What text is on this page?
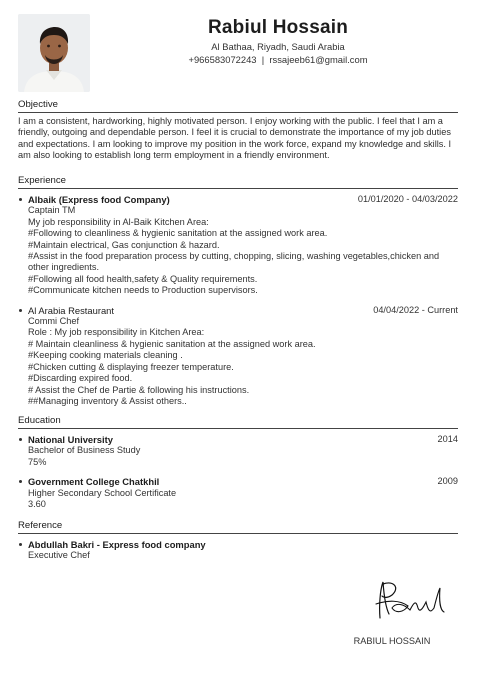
Rabiul Hossain
Al Bathaa, Riyadh, Saudi Arabia
+966583072243 | rssajeeb61@gmail.com
Objective
I am a consistent, hardworking, highly motivated person. I enjoy working with the public. I feel that I am a friendly, outgoing and dependable person. I feel it is crucial to demonstrate the importance of my job duties and expectations. I am looking to improve my position in the work force, expand my knowledge and skills. I am also looking to establish long term employment in a friendly environment.
Experience
Albaik (Express food Company)	01/01/2020 - 04/03/2022
Captain TM
My job responsibility in Al-Baik Kitchen Area:
#Following to cleanliness & hygienic sanitation at the assigned work area.
#Maintain electrical, Gas conjunction & hazard.
#Assist in the food preparation process by cutting, chopping, slicing, washing vegetables,chicken and other ingredients.
#Following all food health,safety & Quality requirements.
#Communicate kitchen needs to Production supervisors.
Al Arabia Restaurant	04/04/2022 - Current
Commi Chef
Role : My job responsibility in Kitchen Area:
# Maintain cleanliness & hygienic sanitation at the assigned work area.
#Keeping cooking materials cleaning .
#Chicken cutting & displaying freezer temperature.
#Discarding expired food.
# Assist the Chef de Partie & following his instructions.
##Managing inventory & Assist others..
Education
National University	2014
Bachelor of Business Study
75%
Government College Chatkhil	2009
Higher Secondary School Certificate
3.60
Reference
Abdullah Bakri - Express food company
Executive Chef
RABIUL HOSSAIN
